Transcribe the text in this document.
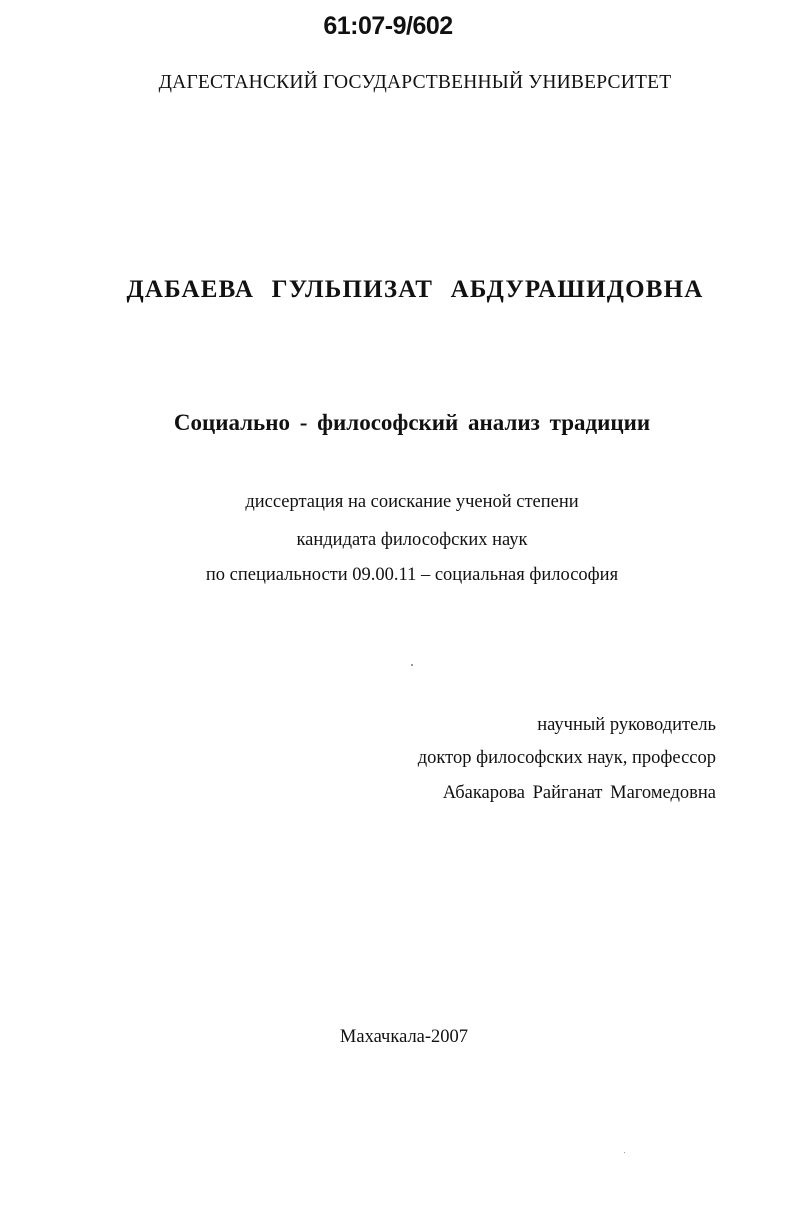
61:07-9/602
ДАГЕСТАНСКИЙ ГОСУДАРСТВЕННЫЙ УНИВЕРСИТЕТ
ДАБАЕВА ГУЛЬПИЗАТ АБДУРАШИДОВНА
Социально - философский анализ традиции
диссертация на соискание ученой степени
кандидата философских наук
по специальности 09.00.11 – социальная философия
научный руководитель
доктор философских наук, профессор
Абакарова Райганат Магомедовна
Махачкала-2007
